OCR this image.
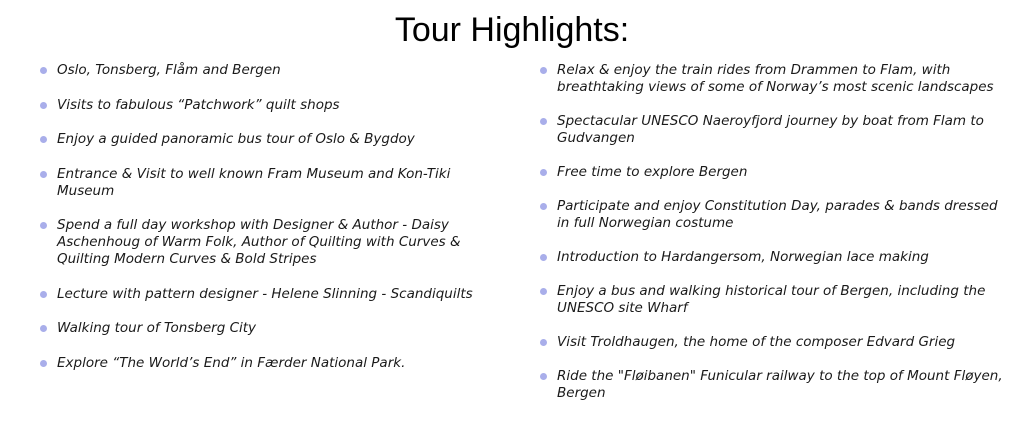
Tour Highlights:
Oslo, Tonsberg, Flåm and Bergen
Visits to fabulous “Patchwork” quilt shops
Enjoy a guided panoramic bus tour of Oslo & Bygdoy
Entrance & Visit to well known Fram Museum and Kon-Tiki
Museum
Spend a full day workshop with Designer & Author - Daisy
Aschenhoug of Warm Folk, Author of Quilting with Curves &
Quilting Modern Curves & Bold Stripes
Lecture with pattern designer - Helene Slinning - Scandiquilts
Walking tour of Tonsberg City
Explore “The World’s End” in Færder National Park.
Relax & enjoy the train rides from Drammen to Flam, with
breathtaking views of some of Norway’s most scenic landscapes
Spectacular UNESCO Naeroyfjord journey by boat from Flam to
Gudvangen
Free time to explore Bergen
Participate and enjoy Constitution Day, parades & bands dressed
in full Norwegian costume
Introduction to Hardangersom, Norwegian lace making
Enjoy a bus and walking historical tour of Bergen, including the
UNESCO site Wharf
Visit Troldhaugen, the home of the composer Edvard Grieg
Ride the "Fløibanen" Funicular railway to the top of Mount Fløyen,
Bergen
